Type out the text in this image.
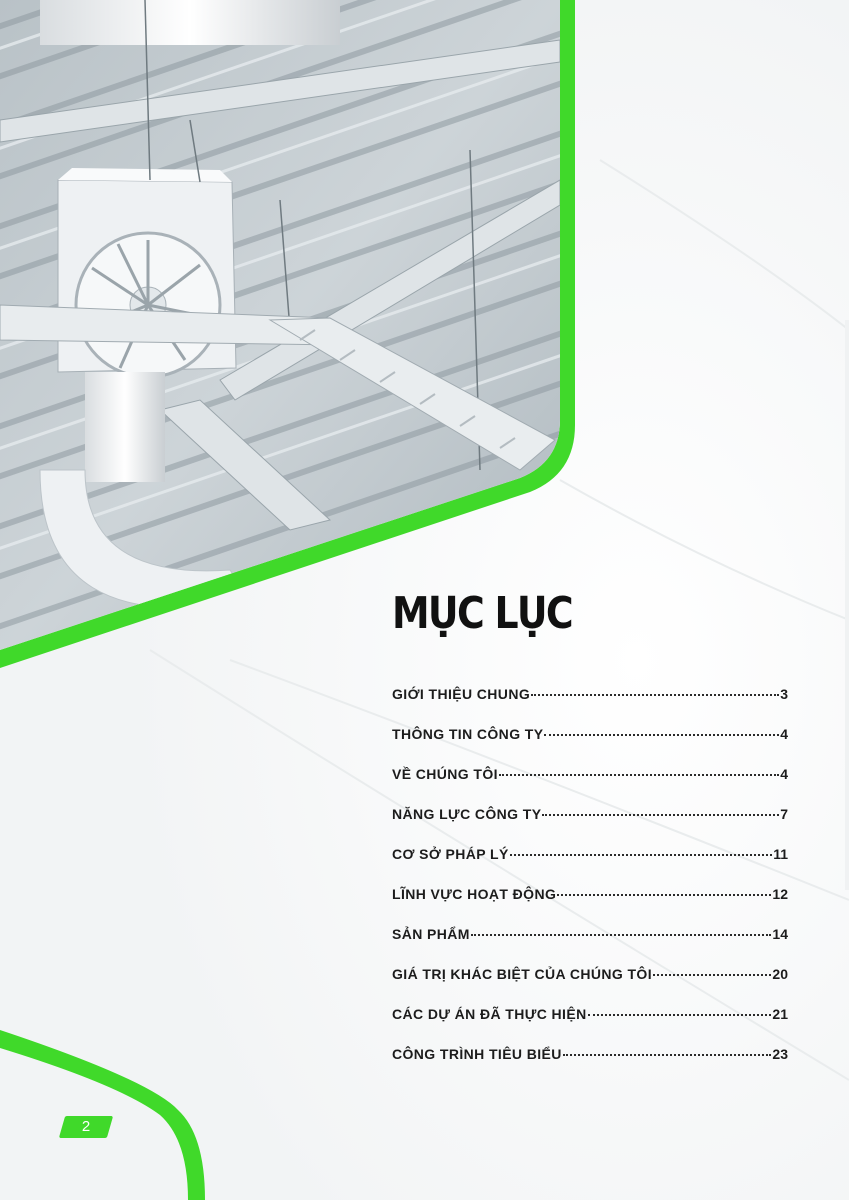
MỤC LỤC
GIỚI THIỆU CHUNG	3
THÔNG TIN CÔNG TY	4
VỀ CHÚNG TÔI	4
NĂNG LỰC CÔNG TY	7
CƠ SỞ PHÁP LÝ	11
LĨNH VỰC HOẠT ĐỘNG	12
SẢN PHẨM	14
GIÁ TRỊ KHÁC BIỆT CỦA CHÚNG TÔI	20
CÁC DỰ ÁN ĐÃ THỰC HIỆN	21
CÔNG TRÌNH TIÊU BIỂU	23
2
